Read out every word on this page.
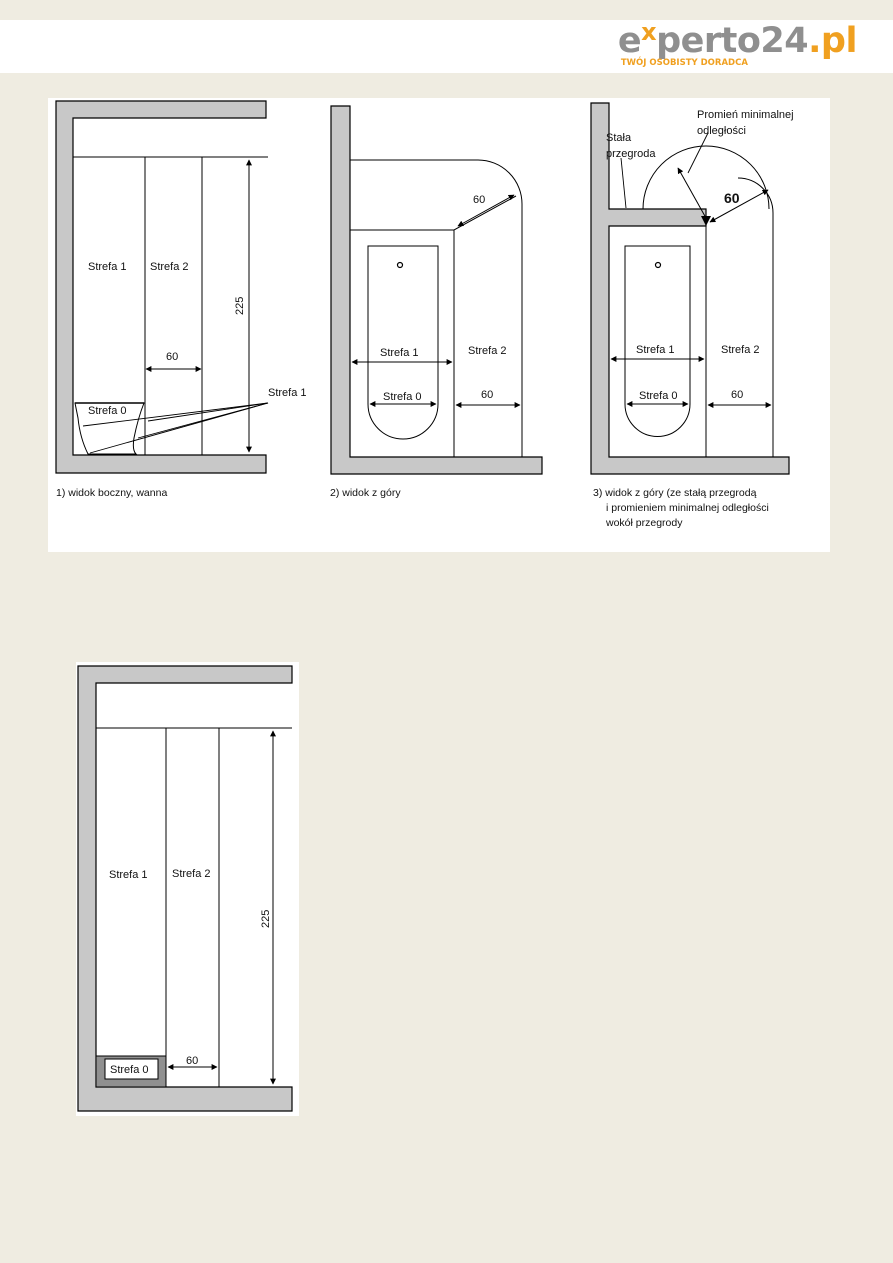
$e^xperto24.pl$
TWÓJ OSOBISTY DORADCA
Strefa 1 Strefa 2
Strefa 0
60
225
Strefa 1
1) widok boczny, wanna
60
Strefa 1	Strefa 2
Strefa 0	60
2) widok z góry
Promień minimalnej
odległości
Stała
przegroda
60
Strefa 1	Strefa 2
Strefa 0	60
3) widok z góry (ze stałą przegrodą
i promieniem minimalnej odległości
wokół przegrody
Strefa 1 Strefa 2
Strefa 0
60
225
